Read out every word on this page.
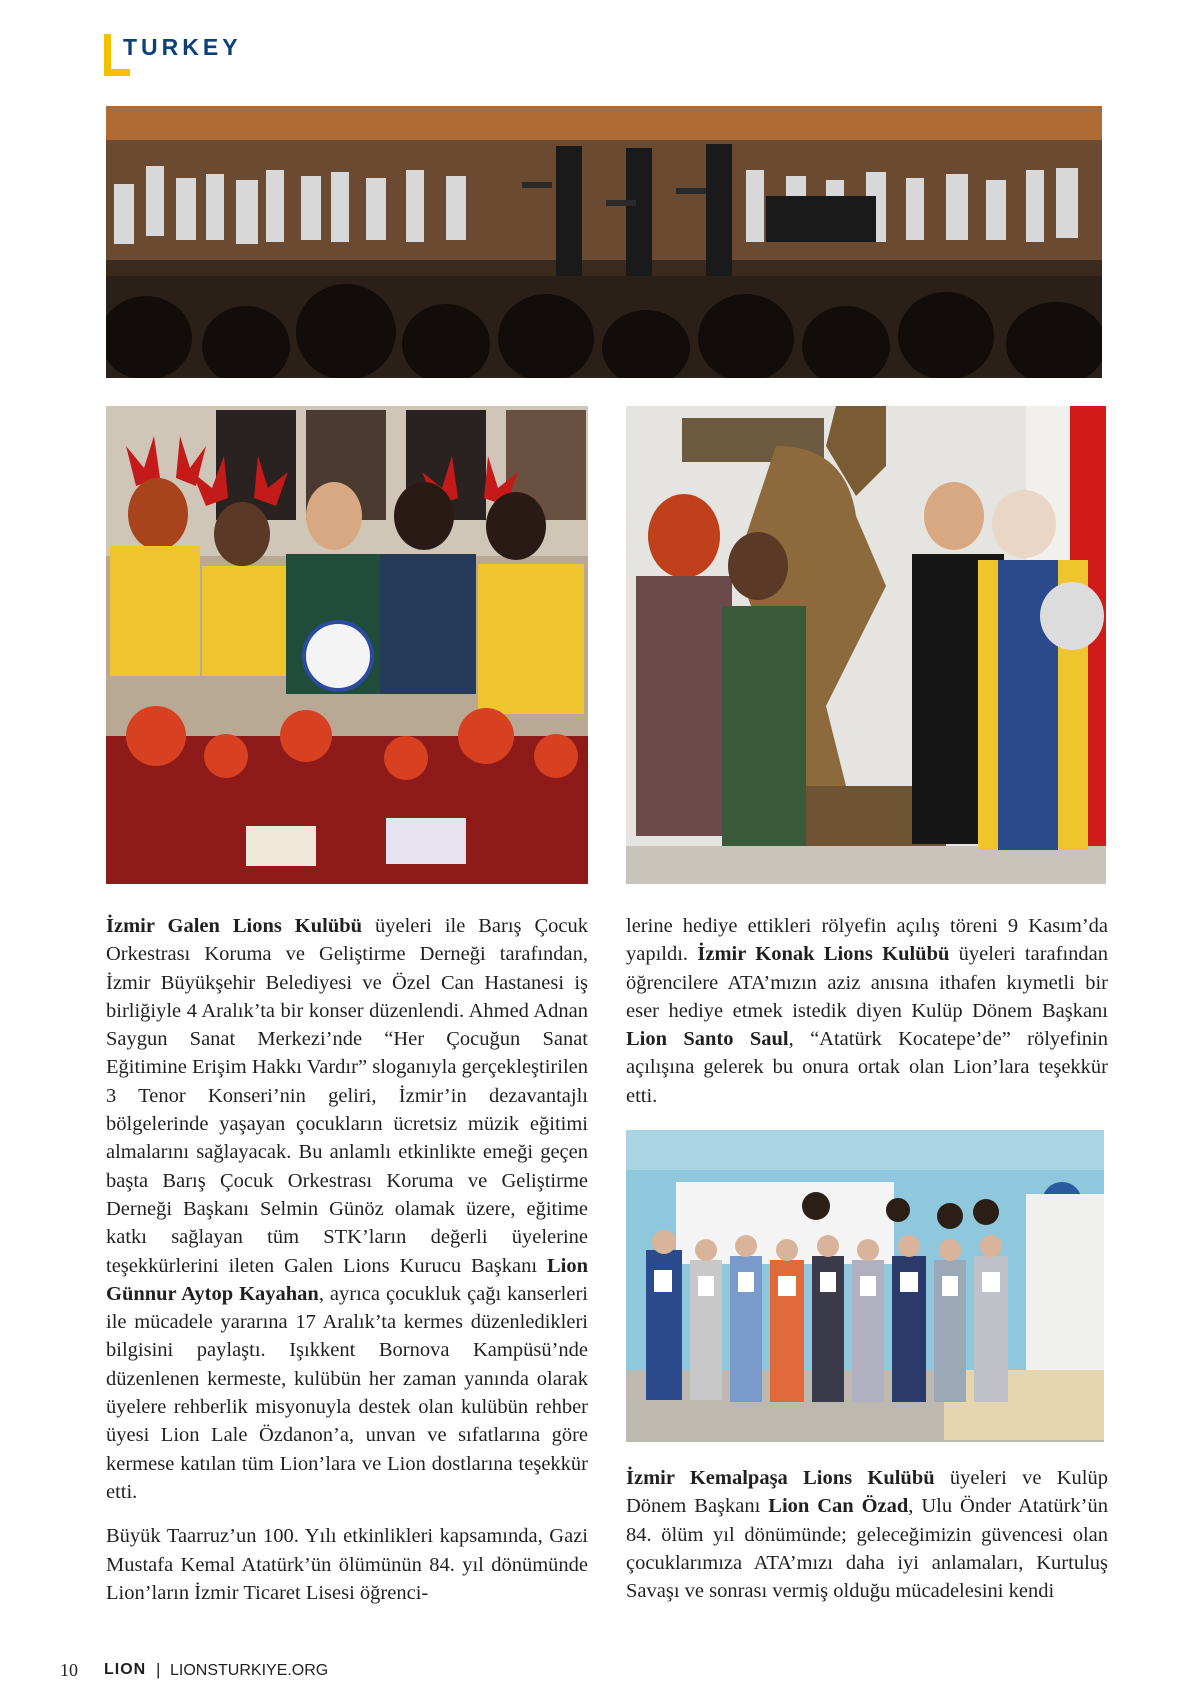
TURKEY

İzmir Galen Lions Kulübü üyeleri ile Barış Çocuk Orkestrası Koruma ve Geliştirme Derneği tarafından, İzmir Büyükşehir Belediyesi ve Özel Can Hastanesi iş birliğiyle 4 Aralık’ta bir konser düzenlendi. Ahmed Adnan Saygun Sanat Merkezi’nde “Her Çocuğun Sanat Eğitimine Erişim Hakkı Vardır” sloganıyla gerçekleştirilen 3 Tenor Konseri’nin geliri, İzmir’in dezavantajlı bölgelerinde yaşayan çocukların ücretsiz müzik eğitimi almalarını sağlayacak. Bu anlamlı etkinlikte emeği geçen başta Barış Çocuk Orkestrası Koruma ve Geliştirme Derneği Başkanı Selmin Günöz olamak üzere, eğitime katkı sağlayan tüm STK’ların değerli üyelerine teşekkürlerini ileten Galen Lions Kurucu Başkanı Lion Günnur Aytop Kayahan, ayrıca çocukluk çağı kanserleri ile mücadele yararına 17 Aralık’ta kermes düzenledikleri bilgisini paylaştı. Işıkkent Bornova Kampüsü’nde düzenlenen kermeste, kulübün her zaman yanında olarak üyelere rehberlik misyonuyla destek olan kulübün rehber üyesi Lion Lale Özdanon’a, unvan ve sıfatlarına göre kermese katılan tüm Lion’lara ve Lion dostlarına teşekkür etti.

Büyük Taarruz’un 100. Yılı etkinlikleri kapsamında, Gazi Mustafa Kemal Atatürk’ün ölümünün 84. yıl dönümünde Lion’ların İzmir Ticaret Lisesi öğrenci-

lerine hediye ettikleri rölyefin açılış töreni 9 Kasım’da yapıldı. İzmir Konak Lions Kulübü üyeleri tarafından öğrencilere ATA’mızın aziz anısına ithafen kıymetli bir eser hediye etmek istedik diyen Kulüp Dönem Başkanı Lion Santo Saul, “Atatürk Kocatepe’de” rölyefinin açılışına gelerek bu onura ortak olan Lion’lara teşekkür etti.

İzmir Kemalpaşa Lions Kulübü üyeleri ve Kulüp Dönem Başkanı Lion Can Özad, Ulu Önder Atatürk’ün 84. ölüm yıl dönümünde; geleceğimizin güvencesi olan çocuklarımıza ATA’mızı daha iyi anlamaları, Kurtuluş Savaşı ve sonrası vermiş olduğu mücadelesini kendi

10 LION | LIONSTURKIYE.ORG
